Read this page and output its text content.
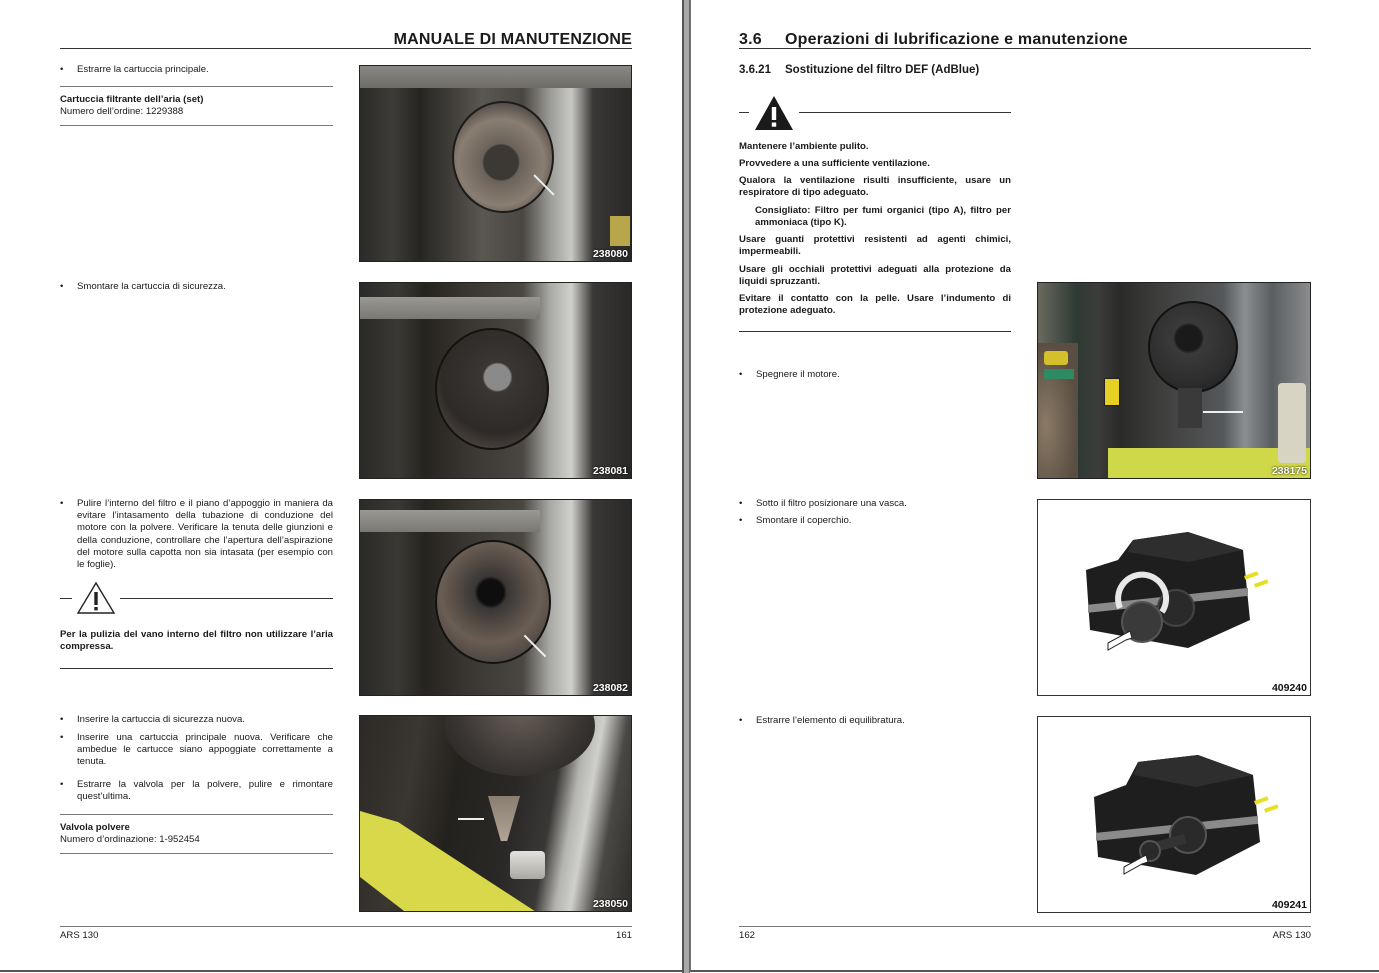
MANUALE DI MANUTENZIONE
• Estrarre la cartuccia principale.
Cartuccia filtrante dell’aria (set)
Numero dell’ordine: 1229388
238080
• Smontare la cartuccia di sicurezza.
238081
• Pulire l’interno del filtro e il piano d’appoggio in maniera da evitare l’intasamento della tubazione di conduzione del motore con la polvere. Verificare la tenuta delle giunzioni e della conduzione, controllare che l’apertura dell’aspirazione del motore sulla capotta non sia intasata (per esempio con le foglie).
Per la pulizia del vano interno del filtro non utilizzare l’aria compressa.
238082
• Inserire la cartuccia di sicurezza nuova.
• Inserire una cartuccia principale nuova. Verificare che ambedue le cartucce siano appoggiate correttamente a tenuta.
• Estrarre la valvola per la polvere, pulire e rimontare quest’ultima.
Valvola polvere
Numero d’ordinazione: 1-952454
238050
ARS 130	161
3.6 Operazioni di lubrificazione e manutenzione
3.6.21 Sostituzione del filtro DEF (AdBlue)
Mantenere l’ambiente pulito.
Provvedere a una sufficiente ventilazione.
Qualora la ventilazione risulti insufficiente, usare un respiratore di tipo adeguato.
Consigliato: Filtro per fumi organici (tipo A), filtro per ammoniaca (tipo K).
Usare guanti protettivi resistenti ad agenti chimici, impermeabili.
Usare gli occhiali protettivi adeguati alla protezione da liquidi spruzzanti.
Evitare il contatto con la pelle. Usare l’indumento di protezione adeguato.
• Spegnere il motore.
238175
• Sotto il filtro posizionare una vasca.
• Smontare il coperchio.
409240
• Estrarre l’elemento di equilibratura.
409241
162	ARS 130
